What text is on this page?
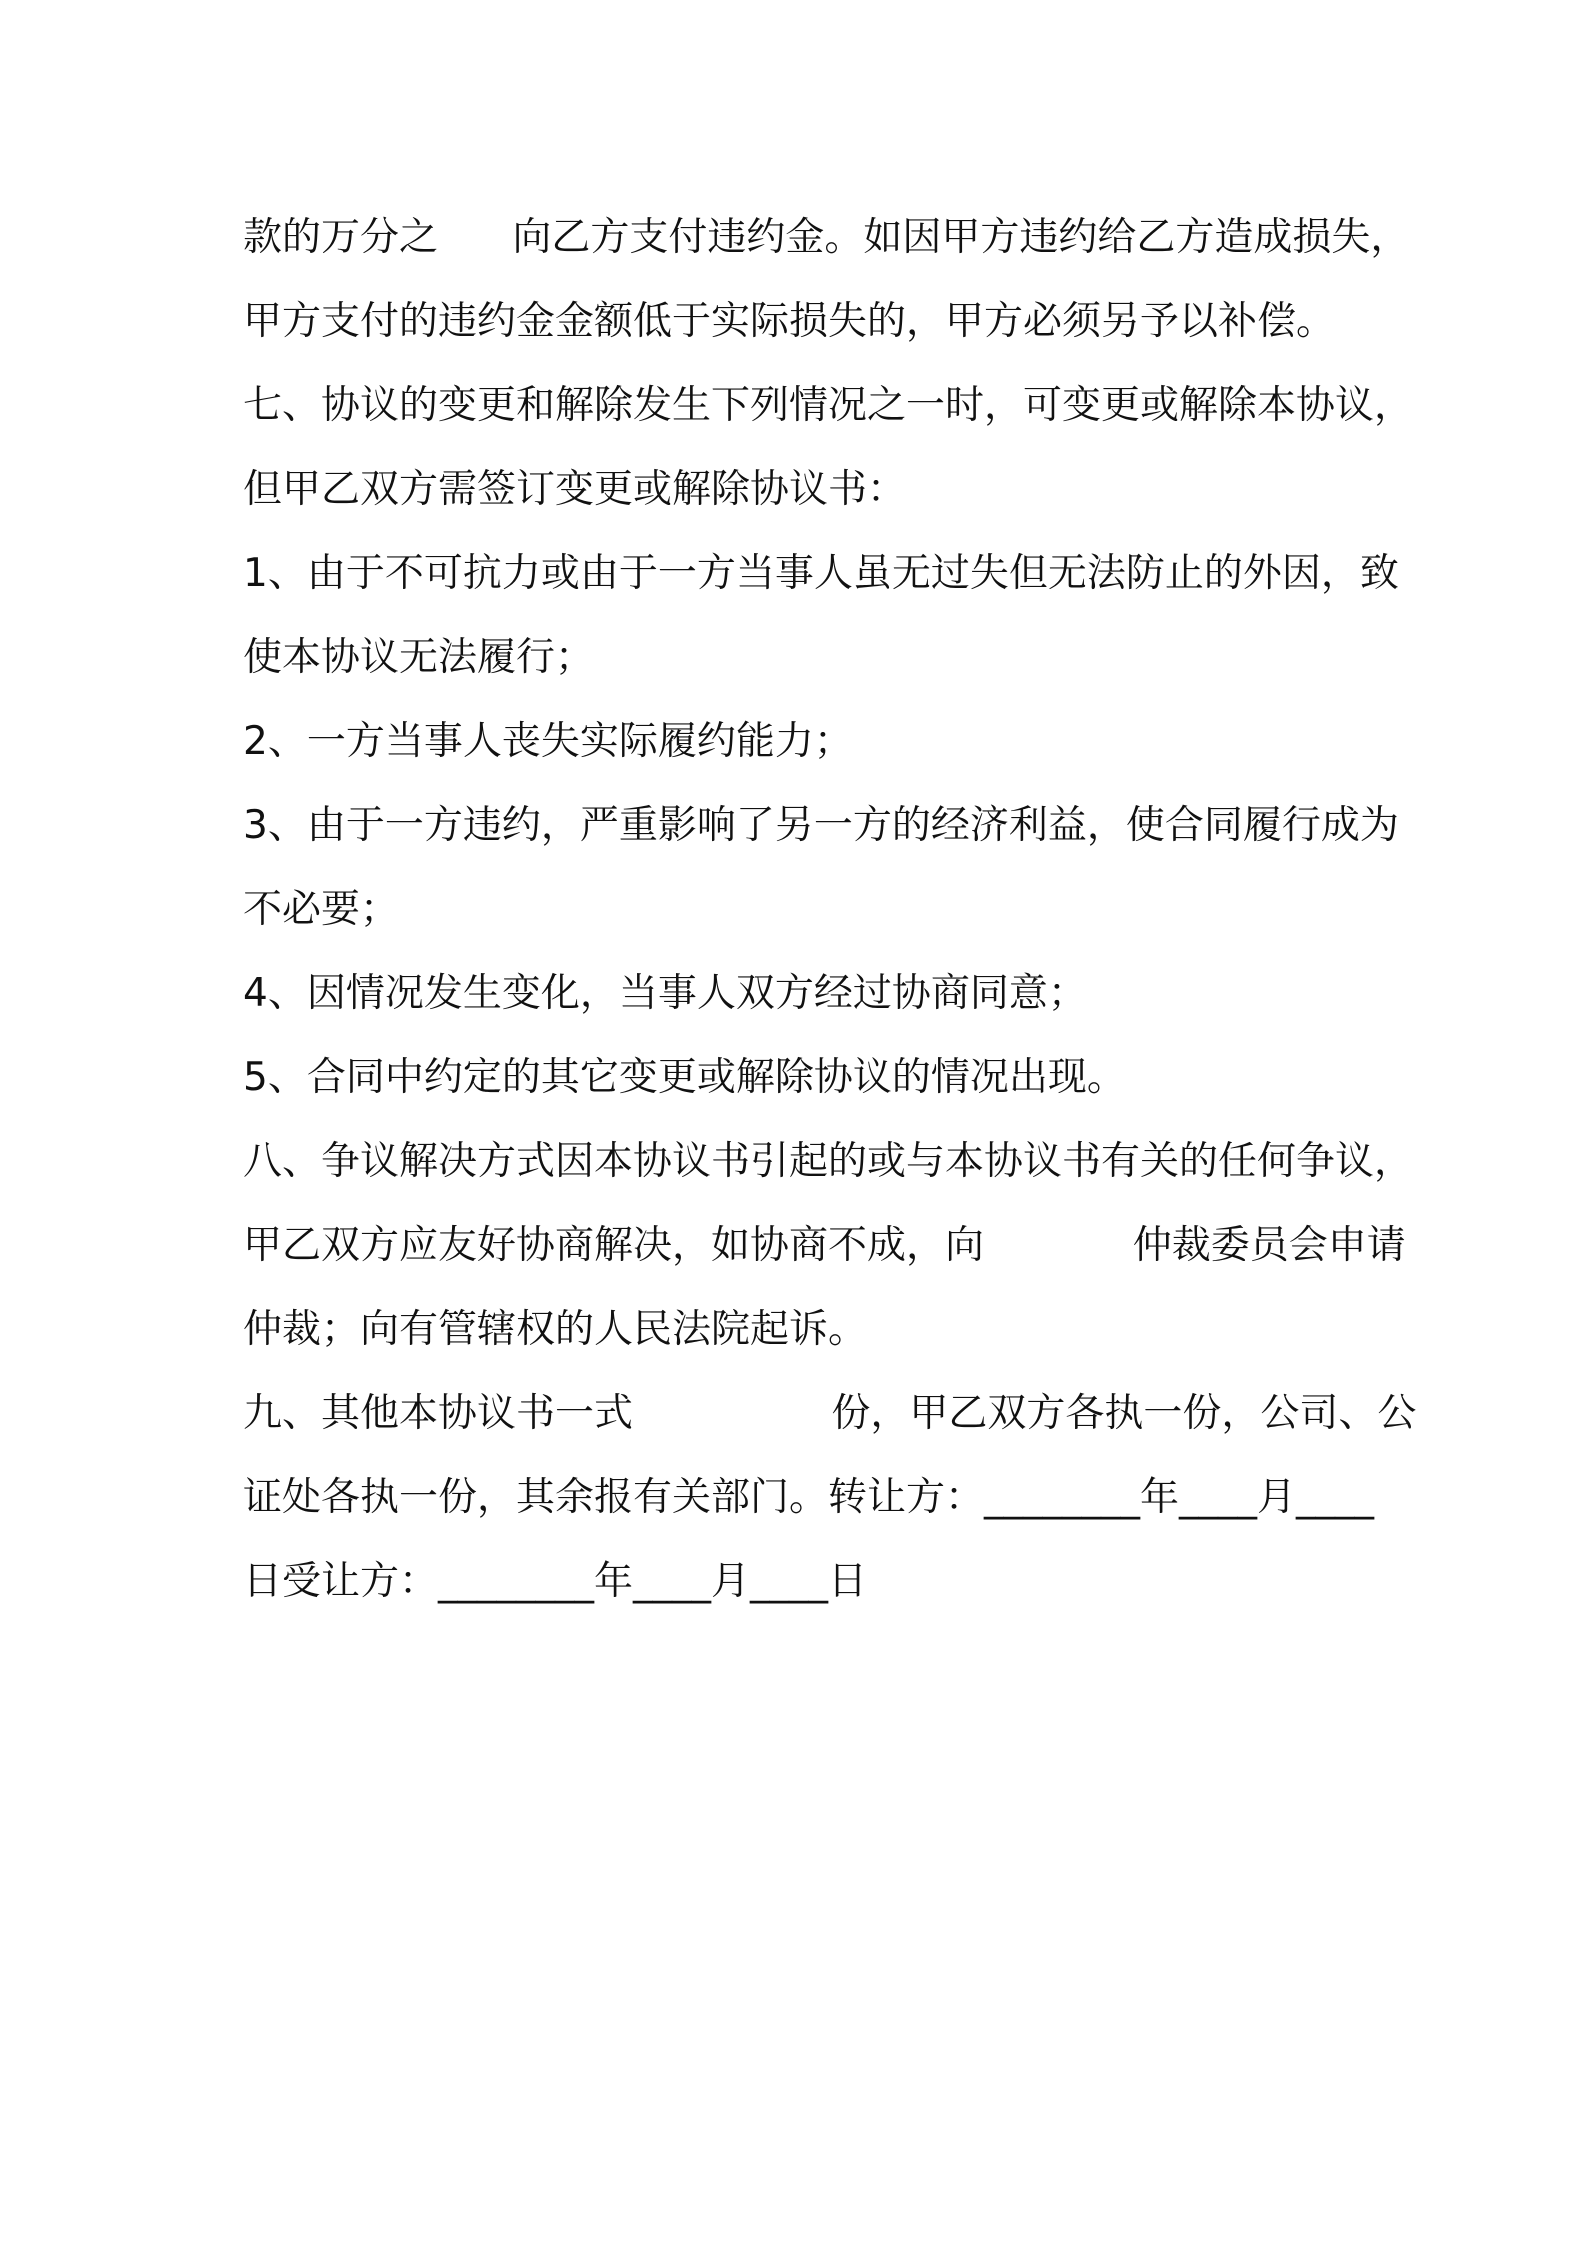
款的万分之      向乙方支付违约金。如因甲方违约给乙方造成损失，

甲方支付的违约金金额低于实际损失的，甲方必须另予以补偿。

七、协议的变更和解除发生下列情况之一时，可变更或解除本协议，

但甲乙双方需签订变更或解除协议书：

1、由于不可抗力或由于一方当事人虽无过失但无法防止的外因，致

使本协议无法履行；

2、一方当事人丧失实际履约能力；

3、由于一方违约，严重影响了另一方的经济利益，使合同履行成为

不必要；

4、因情况发生变化，当事人双方经过协商同意；

5、合同中约定的其它变更或解除协议的情况出现。

八、争议解决方式因本协议书引起的或与本协议书有关的任何争议，

甲乙双方应友好协商解决，如协商不成，向            仲裁委员会申请

仲裁；向有管辖权的人民法院起诉。

九、其他本协议书一式                份，甲乙双方各执一份，公司、公

证处各执一份，其余报有关部门。转让方：________年____月____

日受让方：________年____月____日
